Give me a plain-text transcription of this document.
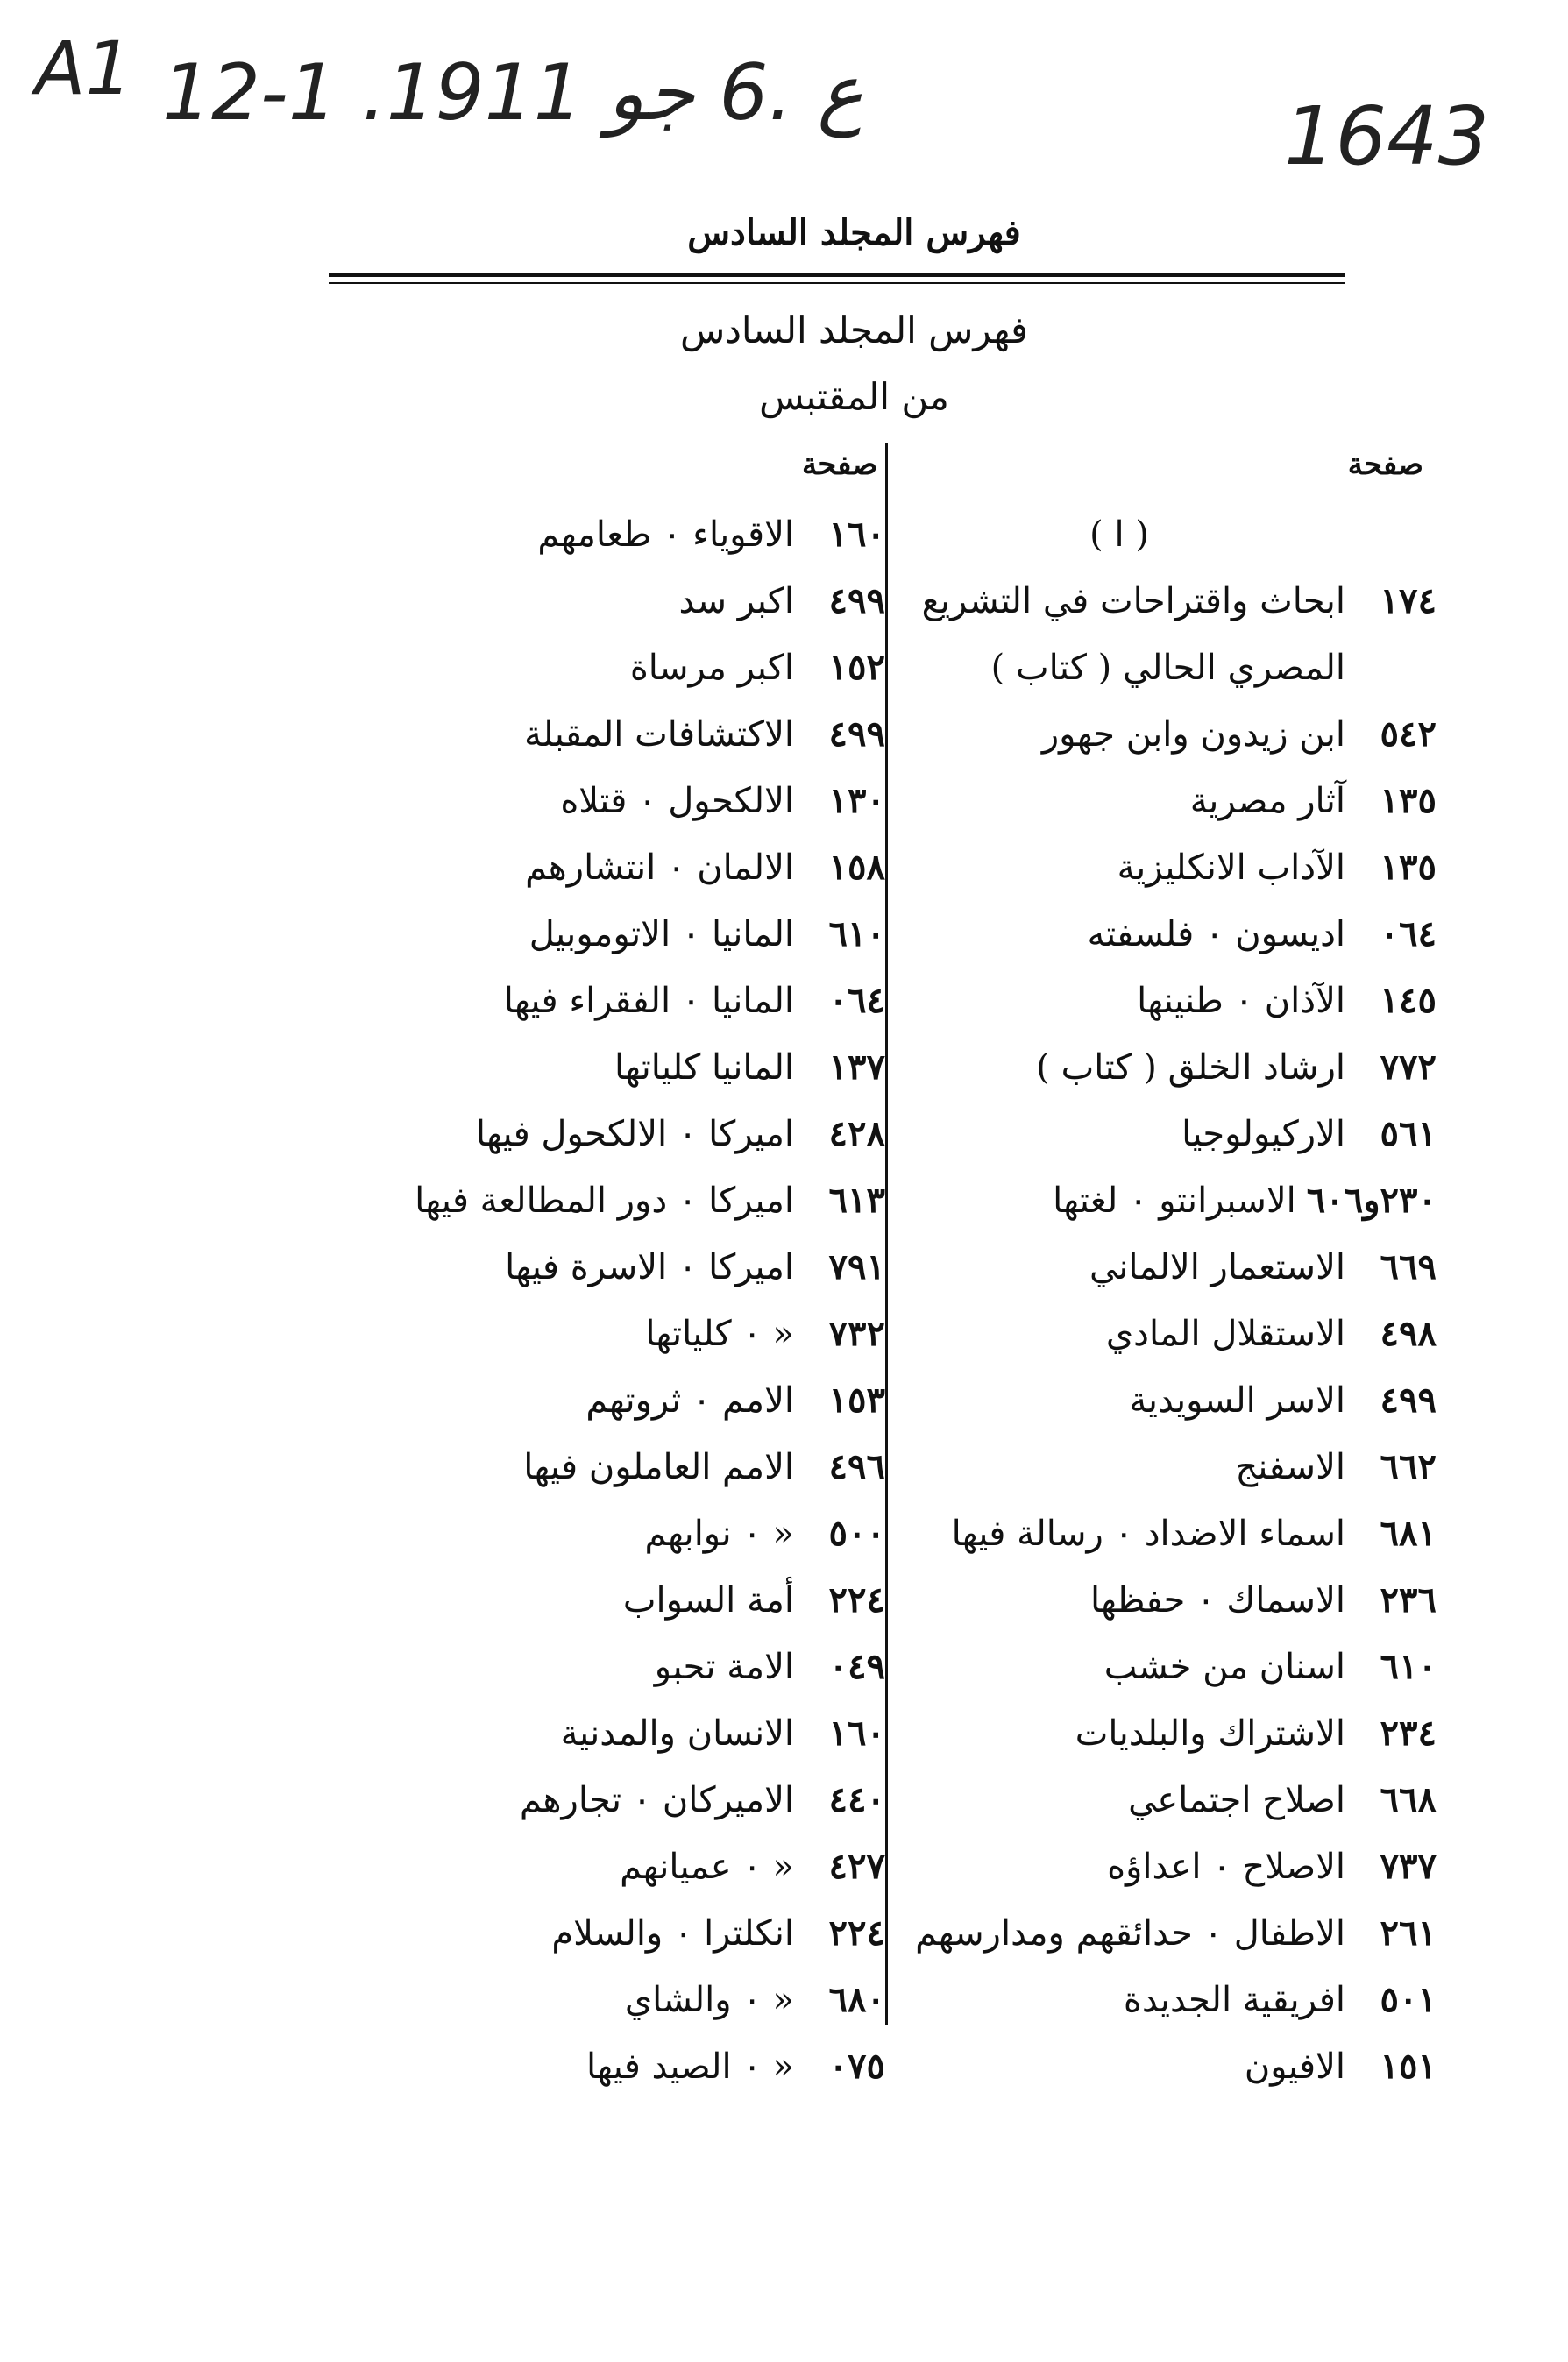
A1 12-1 .ع .6 جو 1911	1643
فهرس المجلد السادس
فهرس المجلد السادس
من المقتبس
صفحة
صفحة
( ا )
١٧٤
ابحاث واقتراحات في التشريع
المصري الحالي ( كتاب )
٥٤٢
ابن زيدون وابن جهور
١٣٥
آثار مصرية
١٣٥
الآداب الانكليزية
٠٦٤
اديسون ٠ فلسفته
١٤٥
الآذان ٠ طنينها
٧٧٢
ارشاد الخلق ( كتاب )
٥٦١
الاركيولوجيا
٢٣٠و٦٠٦
الاسبرانتو ٠ لغتها
٦٦٩
الاستعمار الالماني
٤٩٨
الاستقلال المادي
٤٩٩
الاسر السويدية
٦٦٢
الاسفنج
٦٨١
اسماء الاضداد ٠ رسالة فيها
٢٣٦
الاسماك ٠ حفظها
٦١٠
اسنان من خشب
٢٣٤
الاشتراك والبلديات
٦٦٨
اصلاح اجتماعي
٧٣٧
الاصلاح ٠ اعداؤه
٢٦١
الاطفال ٠ حدائقهم ومدارسهم
٥٠١
افريقية الجديدة
١٥١
الافيون
١٦٠
الاقوياء ٠ طعامهم
٤٩٩
اكبر سد
١٥٢
اكبر مرساة
٤٩٩
الاكتشافات المقبلة
١٣٠
الالكحول ٠ قتلاه
١٥٨
الالمان ٠ انتشارهم
٦١٠
المانيا ٠ الاتوموبيل
٠٦٤
المانيا ٠ الفقراء فيها
١٣٧
المانيا كلياتها
٤٢٨
اميركا ٠ الالكحول فيها
٦١٣
اميركا ٠ دور المطالعة فيها
٧٩١
اميركا ٠ الاسرة فيها
٧٣٢
« ٠ كلياتها
١٥٣
الامم ٠ ثروتهم
٤٩٦
الامم العاملون فيها
٥٠٠
« ٠ نوابهم
٢٢٤
أمة السواب
٠٤٩
الامة تحبو
١٦٠
الانسان والمدنية
٤٤٠
الاميركان ٠ تجارهم
٤٢٧
« ٠ عميانهم
٢٢٤
انكلترا ٠ والسلام
٦٨٠
« ٠ والشاي
٠٧٥
« ٠ الصيد فيها
